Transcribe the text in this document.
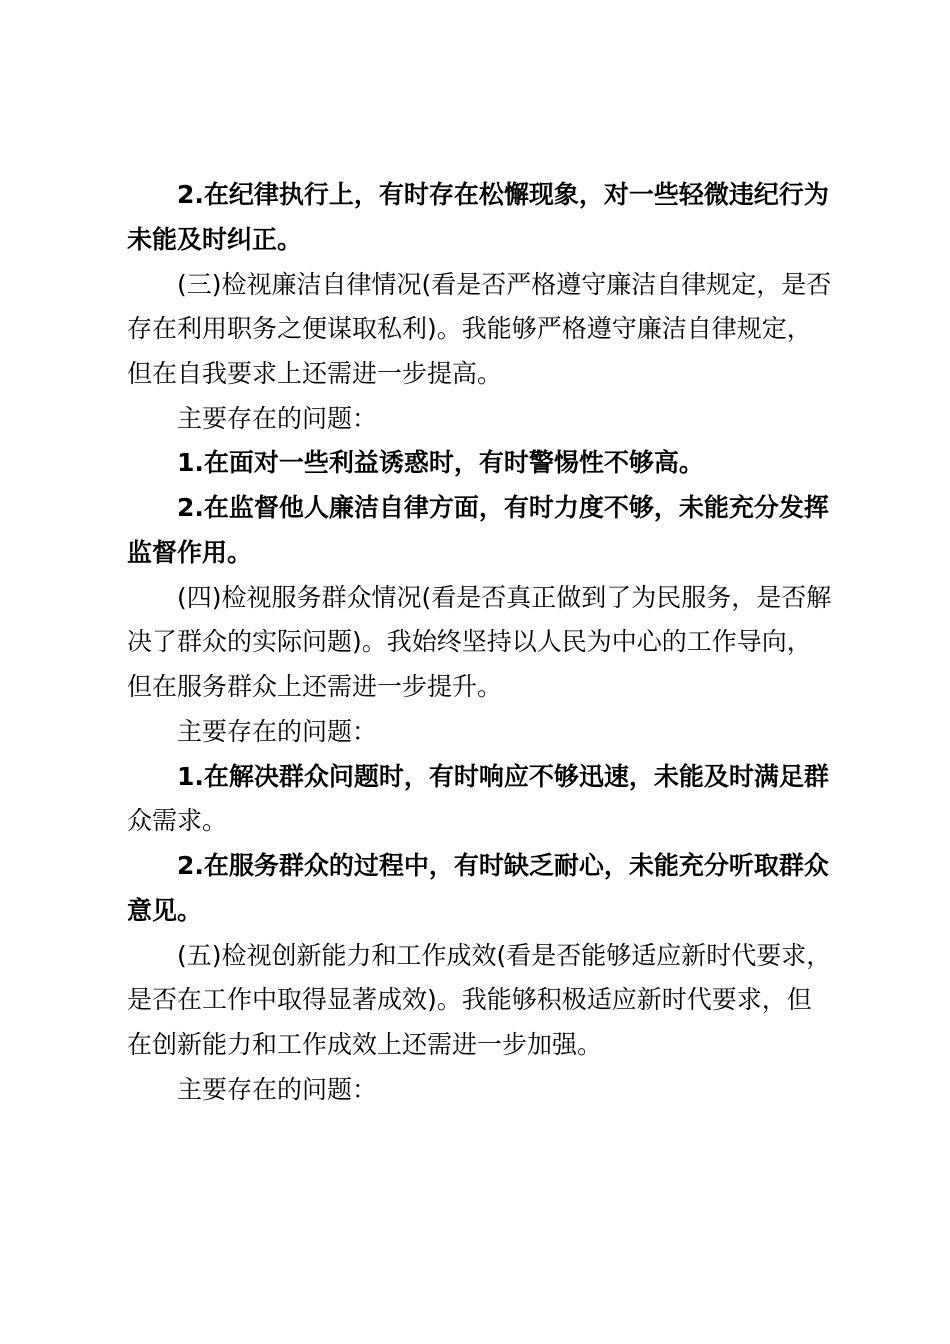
2.在纪律执行上，有时存在松懈现象，对一些轻微违纪行为

未能及时纠正。

(三)检视廉洁自律情况(看是否严格遵守廉洁自律规定，是否

存在利用职务之便谋取私利)。我能够严格遵守廉洁自律规定，

但在自我要求上还需进一步提高。

主要存在的问题：

1.在面对一些利益诱惑时，有时警惕性不够高。

2.在监督他人廉洁自律方面，有时力度不够，未能充分发挥

监督作用。

(四)检视服务群众情况(看是否真正做到了为民服务，是否解

决了群众的实际问题)。我始终坚持以人民为中心的工作导向，

但在服务群众上还需进一步提升。

主要存在的问题：

1.在解决群众问题时，有时响应不够迅速，未能及时满足群

众需求。

2.在服务群众的过程中，有时缺乏耐心，未能充分听取群众

意见。

(五)检视创新能力和工作成效(看是否能够适应新时代要求，

是否在工作中取得显著成效)。我能够积极适应新时代要求，但

在创新能力和工作成效上还需进一步加强。

主要存在的问题：
